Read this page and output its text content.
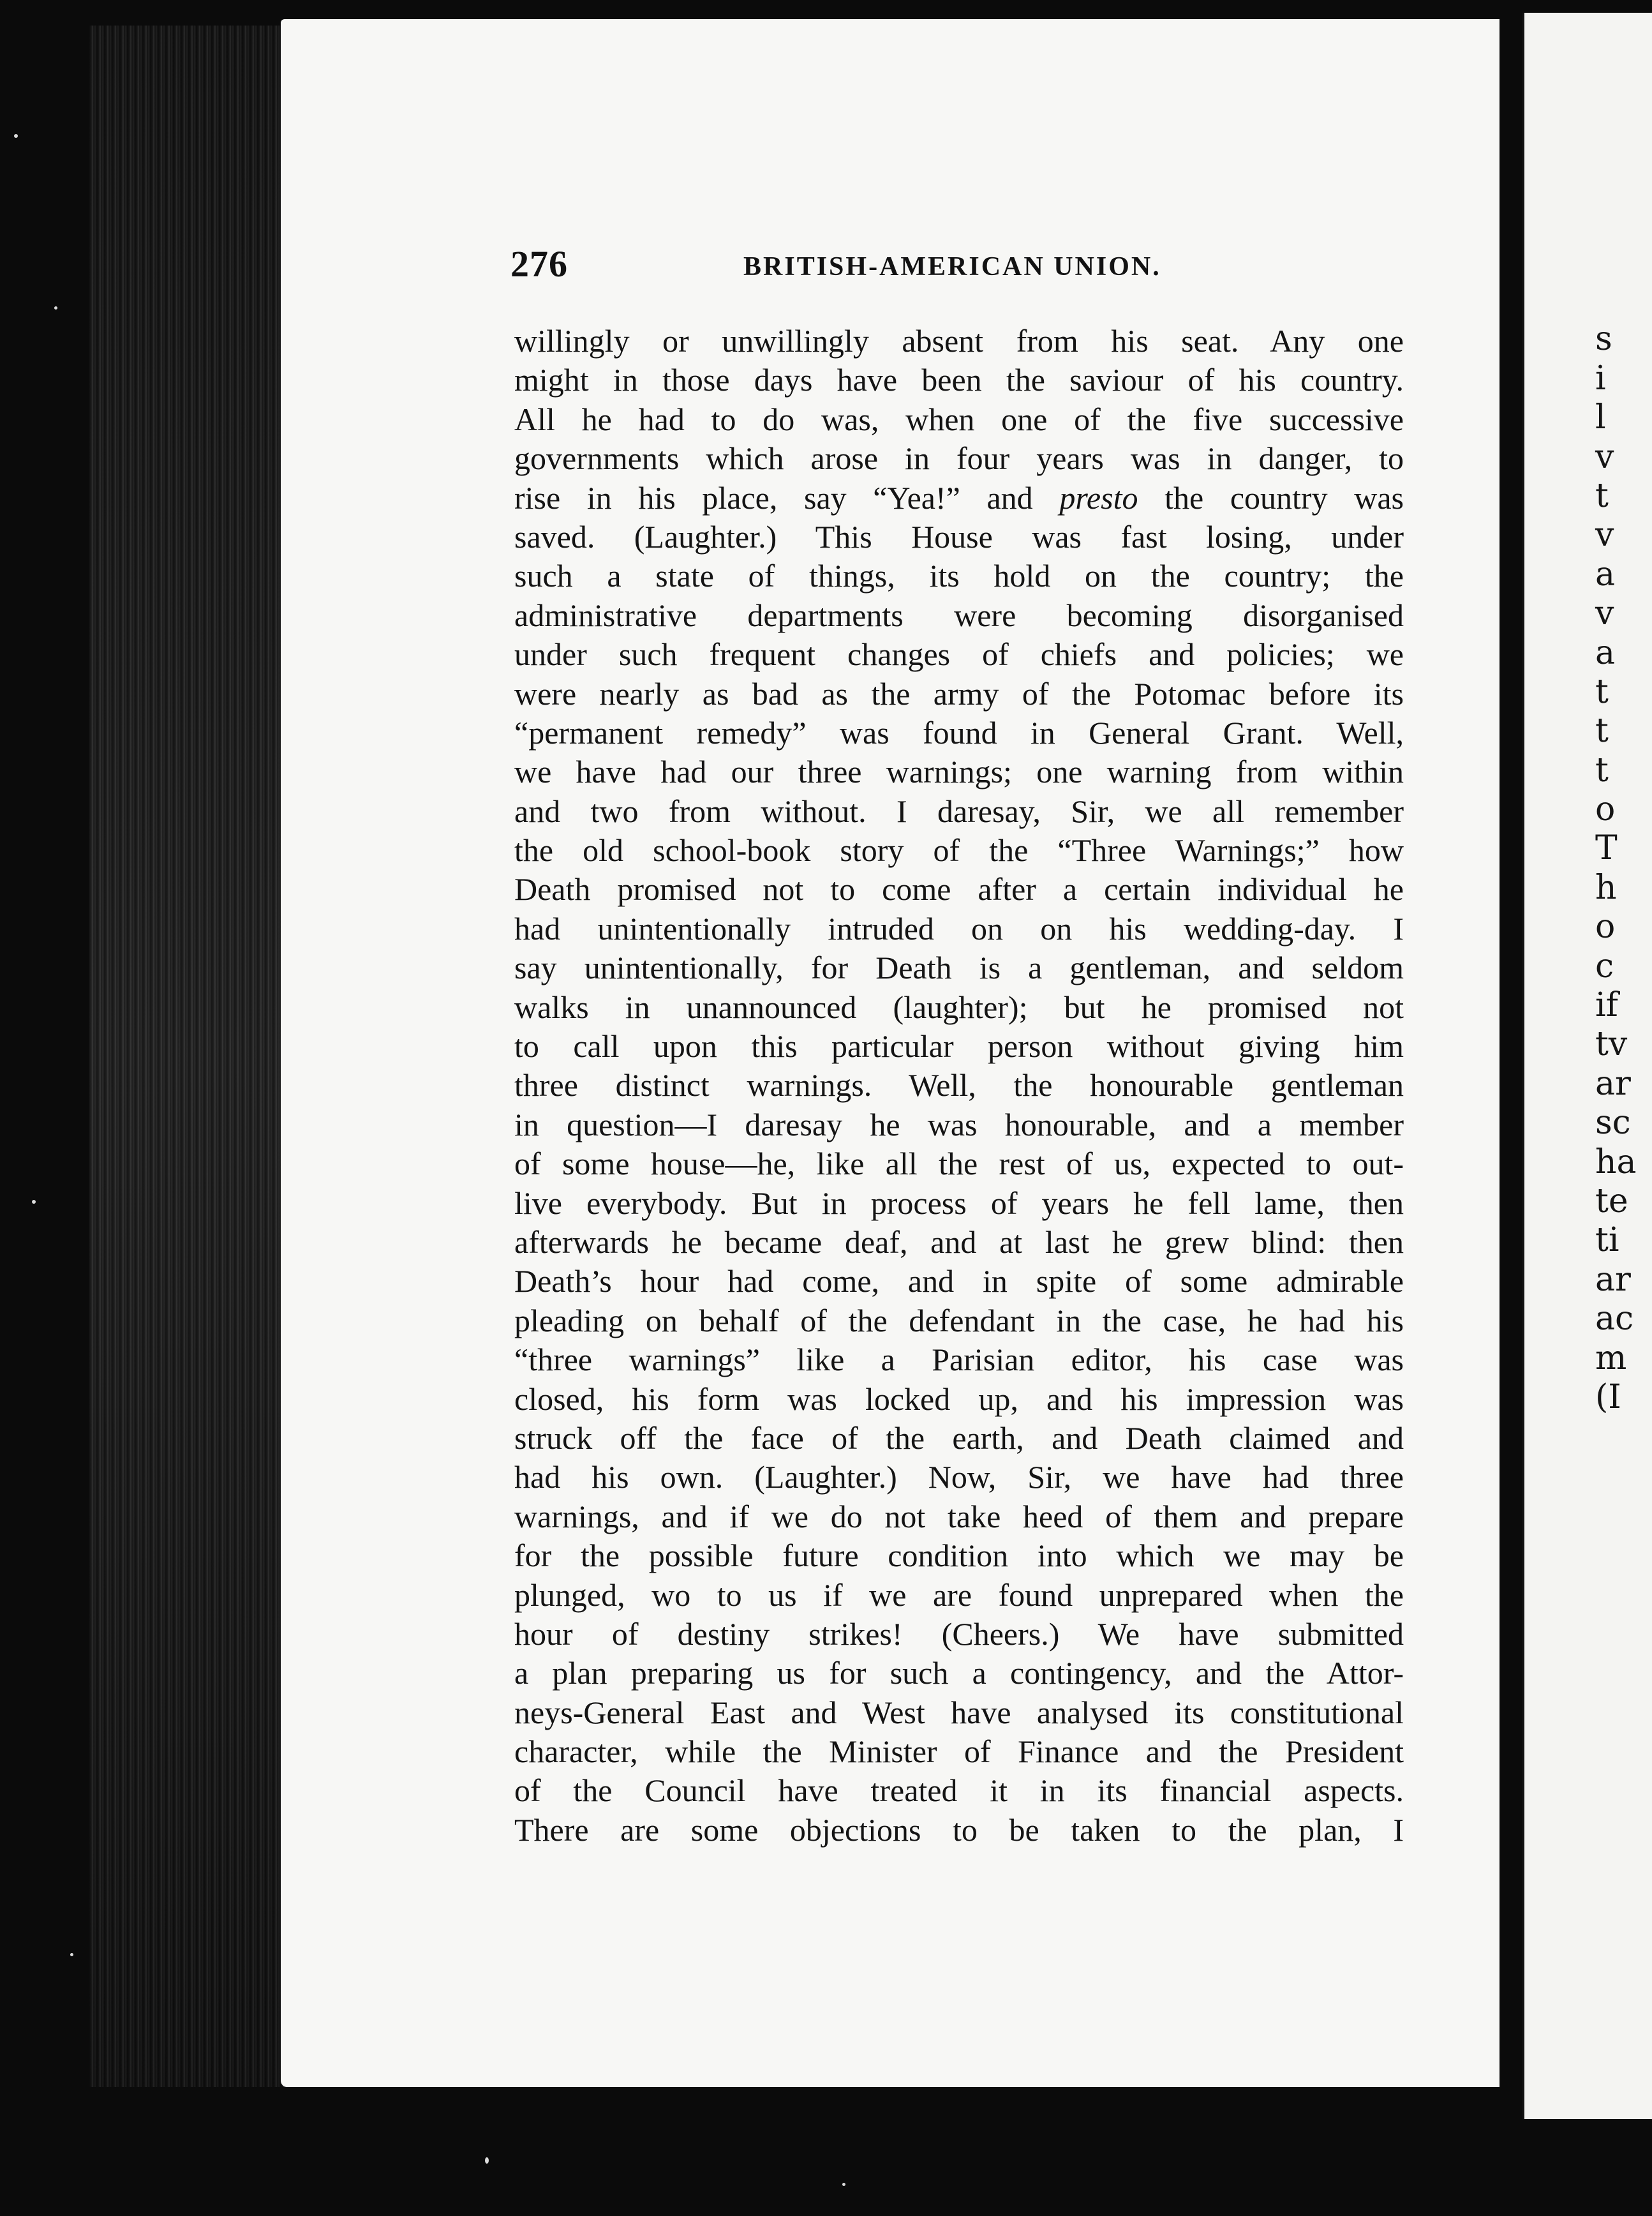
s
i
l
v
t
v
a
v
a
t
t
t
o
T
h
o
c
if
tv
ar
sc
ha
te
ti
ar
ac
m
(I
276	BRITISH-AMERICAN UNION.
willingly or unwillingly absent from his seat. Any one
might in those days have been the saviour of his country.
All he had to do was, when one of the five successive
governments which arose in four years was in danger, to
rise in his place, say “Yea!” and presto the country was
saved. (Laughter.) This House was fast losing, under
such a state of things, its hold on the country; the
administrative departments were becoming disorganised
under such frequent changes of chiefs and policies; we
were nearly as bad as the army of the Potomac before its
“permanent remedy” was found in General Grant. Well,
we have had our three warnings; one warning from within
and two from without. I daresay, Sir, we all remember
the old school-book story of the “Three Warnings;” how
Death promised not to come after a certain individual he
had unintentionally intruded on on his wedding-day. I
say unintentionally, for Death is a gentleman, and seldom
walks in unannounced (laughter); but he promised not
to call upon this particular person without giving him
three distinct warnings. Well, the honourable gentleman
in question—I daresay he was honourable, and a member
of some house—he, like all the rest of us, expected to out-
live everybody. But in process of years he fell lame, then
afterwards he became deaf, and at last he grew blind: then
Death’s hour had come, and in spite of some admirable
pleading on behalf of the defendant in the case, he had his
“three warnings” like a Parisian editor, his case was
closed, his form was locked up, and his impression was
struck off the face of the earth, and Death claimed and
had his own. (Laughter.) Now, Sir, we have had three
warnings, and if we do not take heed of them and prepare
for the possible future condition into which we may be
plunged, wo to us if we are found unprepared when the
hour of destiny strikes! (Cheers.) We have submitted
a plan preparing us for such a contingency, and the Attor-
neys-General East and West have analysed its constitutional
character, while the Minister of Finance and the President
of the Council have treated it in its financial aspects.
There are some objections to be taken to the plan, I
